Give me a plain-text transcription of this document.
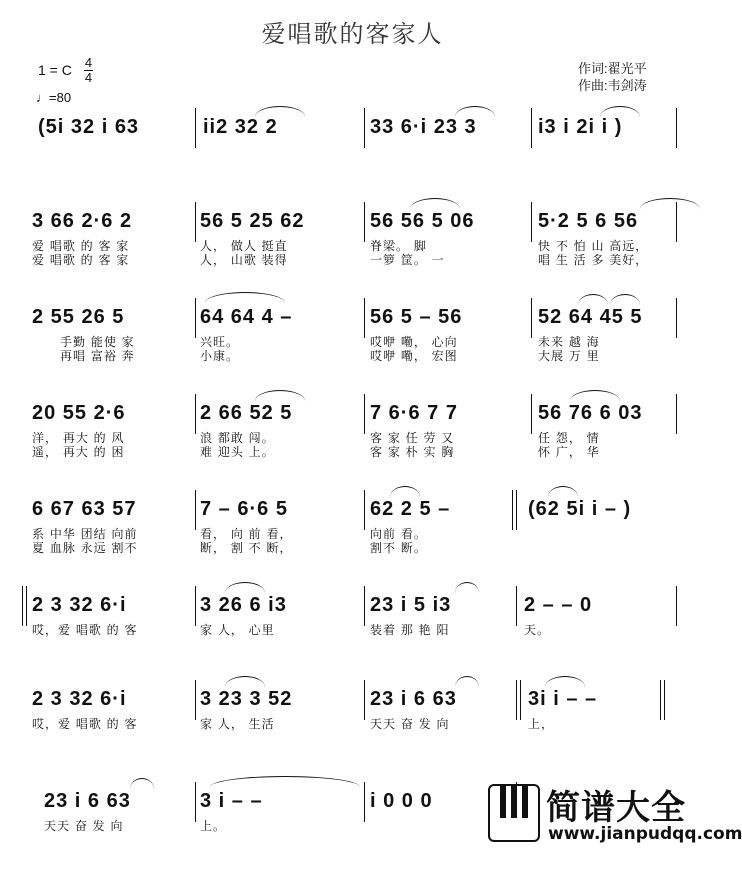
爱唱歌的客家人
1 = C 4
4
♩=80
作词:翟光平
作曲:韦剑涛
(5i 32 i 63	ii2 32 2	33 6·i 23 3	i3 i 2i i )
3 66 2·6 2	56 5 25 62	56 56 5 06	5·2 5 6 56
爱 唱歌 的 客 家	人， 做人 挺直	脊梁。 脚	快 不 怕 山 高远，
爱 唱歌 的 客 家	人， 山歌 装得	一箩 筐。 一	唱 生 活 多 美好，
2 55 26 5	64 64 4 –	56 5 – 56	52 64 45 5
手勤 能使 家	兴旺。	哎咿 嘞， 心向	未来 越 海
再唱 富裕 奔	小康。	哎咿 嘞， 宏图	大展 万 里
20 55 2·6	2 66 52 5	7 6·6 7 7	56 76 6 03
洋， 再大 的 风	浪 都敢 闯。	客 家 任 劳 又	任 怨， 情
遥， 再大 的 困	难 迎头 上。	客 家 朴 实 胸	怀 广， 华
6 67 63 57	7 – 6·6 5	62 2 5 –	(62 5i i – )
系 中华 团结 向前	看， 向 前 看，	向前 看。
夏 血脉 永远 割不	断， 割 不 断，	割不 断。
2 3 32 6·i	3 26 6 i3	23 i 5 i3	2 – – 0
哎，爱 唱歌 的 客	家 人， 心里	装着 那 艳 阳	天。
2 3 32 6·i	3 23 3 52	23 i 6 63	3i i – –
哎，爱 唱歌 的 客	家 人， 生活	天天 奋 发 向	上，
23 i 6 63	3 i – –	i 0 0 0
天天 奋 发 向	上。	简谱大全
www.jianpudqq.com
